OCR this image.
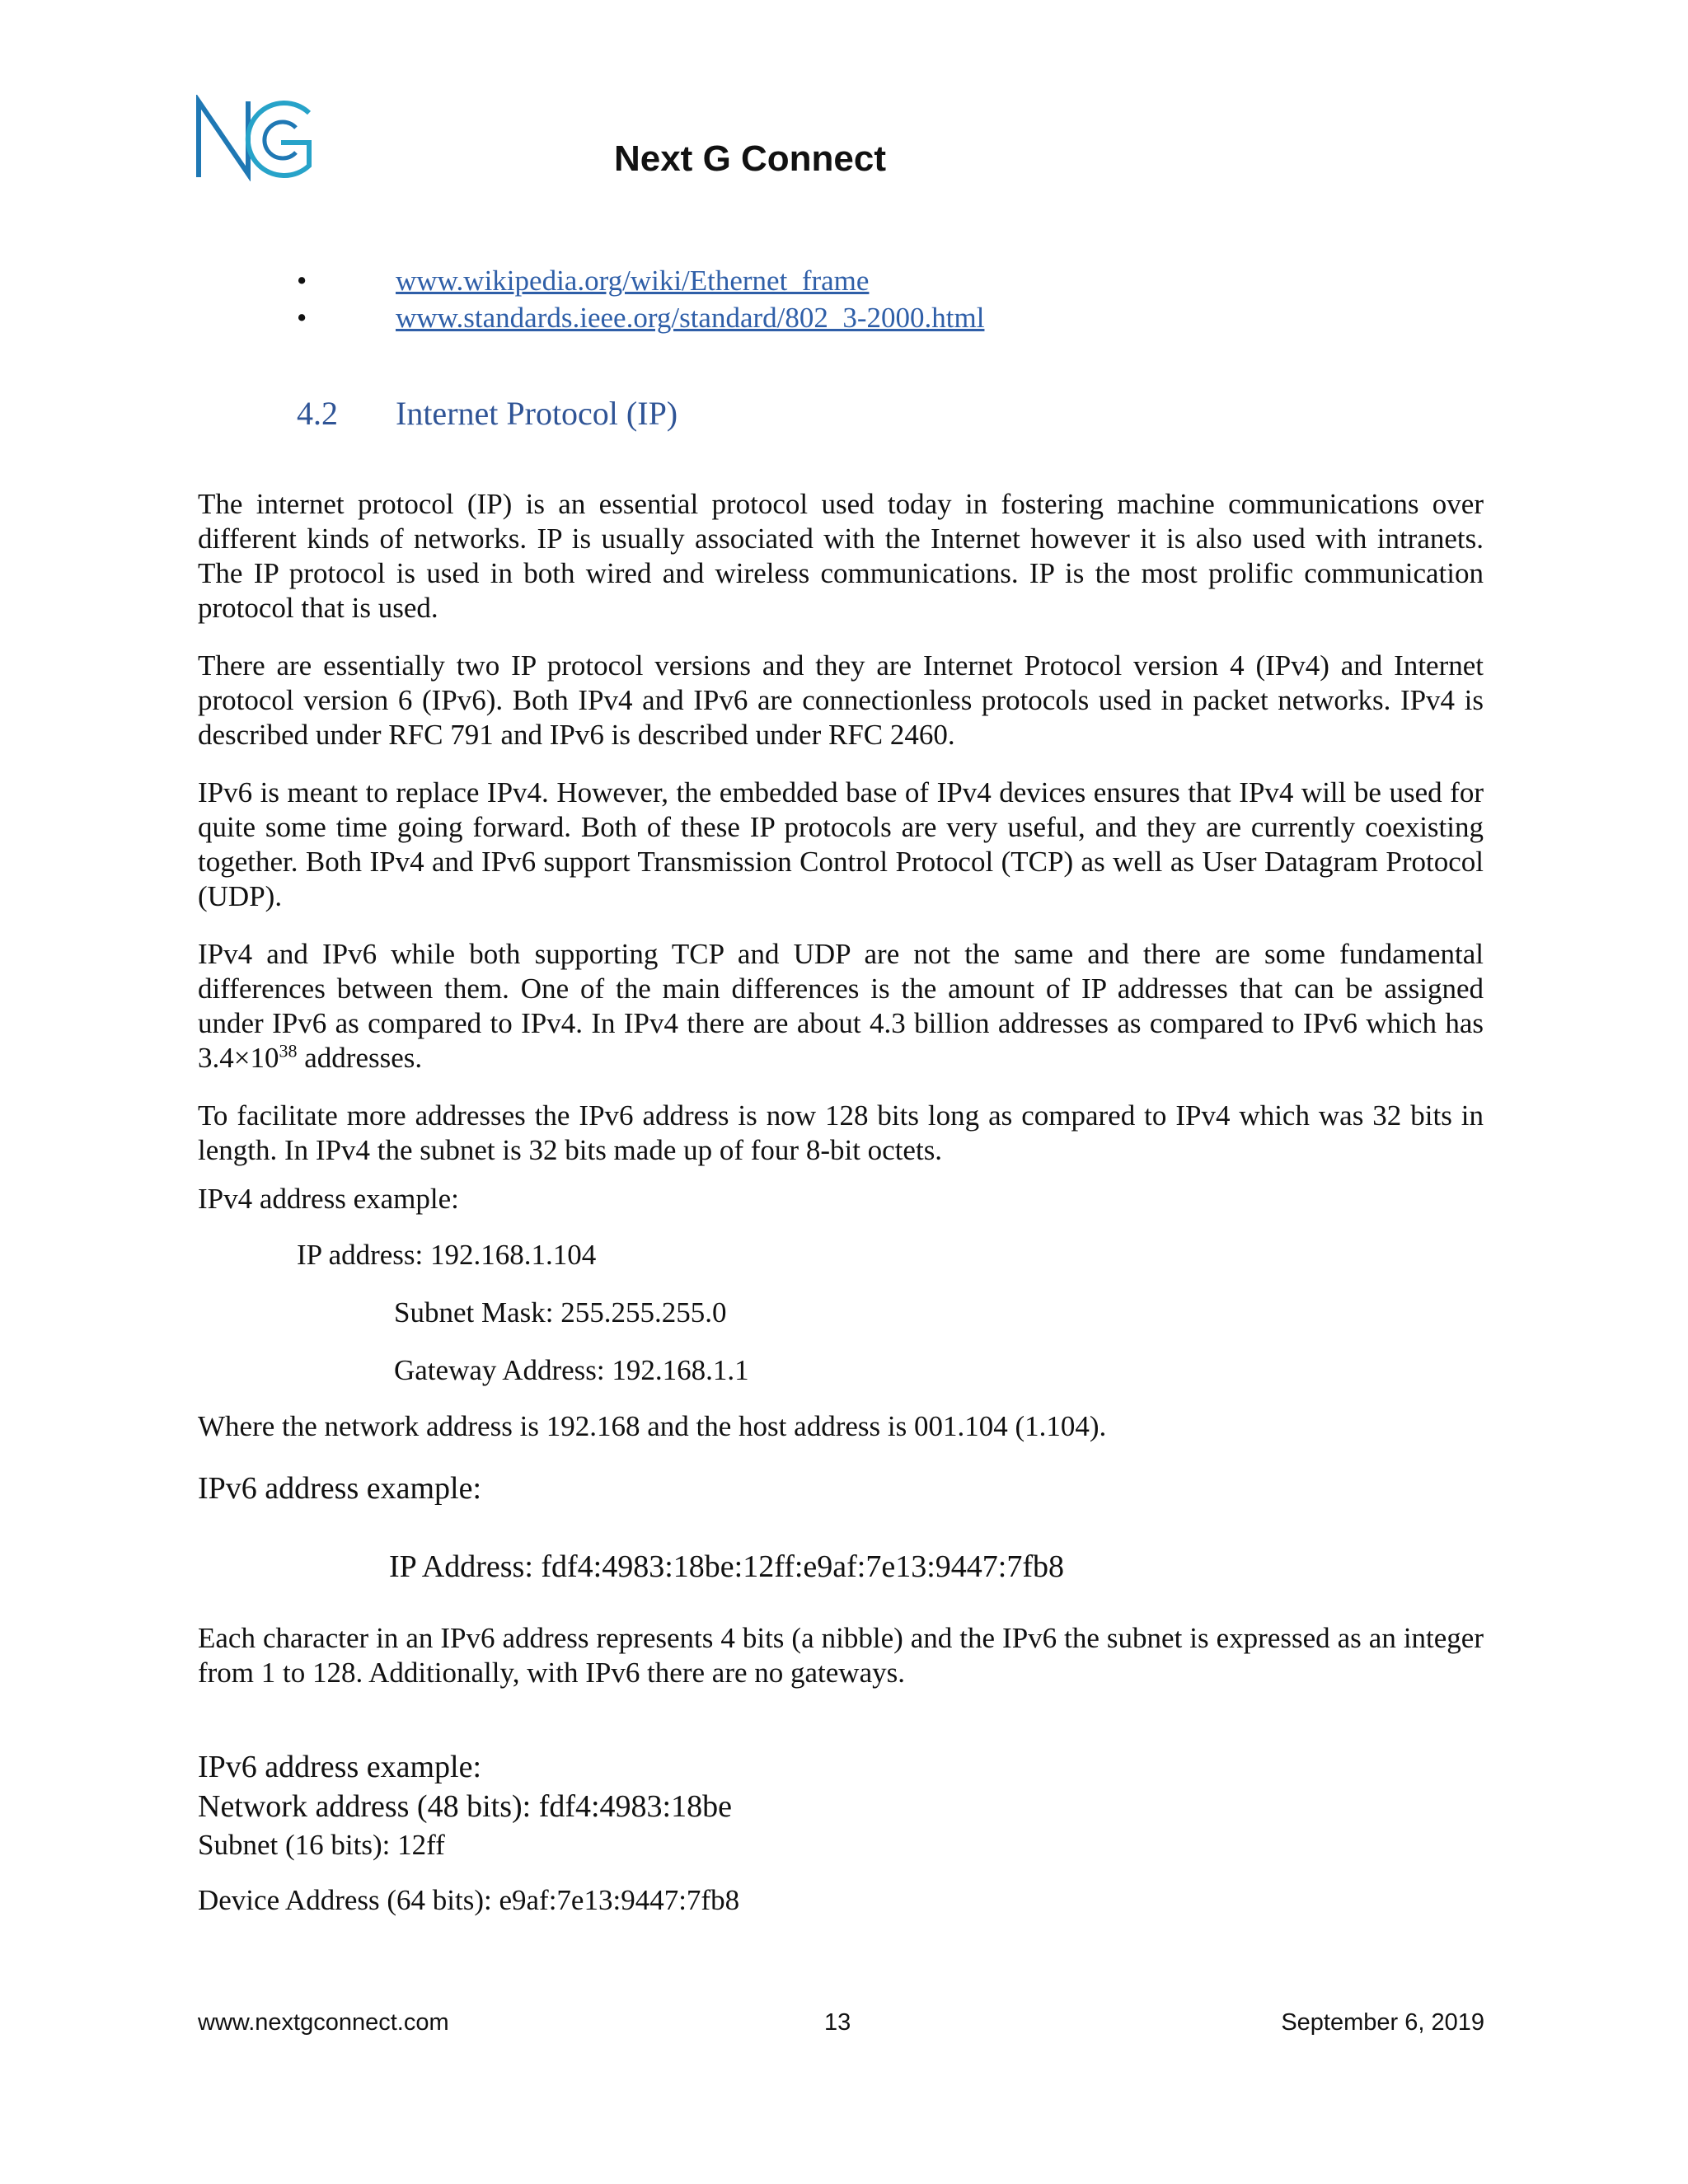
Next G Connect
•	www.wikipedia.org/wiki/Ethernet_frame
•	www.standards.ieee.org/standard/802_3-2000.html
4.2 Internet Protocol (IP)

The internet protocol (IP) is an essential protocol used today in fostering machine communications over different kinds of networks. IP is usually associated with the Internet however it is also used with intranets. The IP protocol is used in both wired and wireless communications. IP is the most prolific communication protocol that is used.

There are essentially two IP protocol versions and they are Internet Protocol version 4 (IPv4) and Internet protocol version 6 (IPv6). Both IPv4 and IPv6 are connectionless protocols used in packet networks. IPv4 is described under RFC 791 and IPv6 is described under RFC 2460.

IPv6 is meant to replace IPv4. However, the embedded base of IPv4 devices ensures that IPv4 will be used for quite some time going forward. Both of these IP protocols are very useful, and they are currently coexisting together. Both IPv4 and IPv6 support Transmission Control Protocol (TCP) as well as User Datagram Protocol (UDP).

IPv4 and IPv6 while both supporting TCP and UDP are not the same and there are some fundamental differences between them. One of the main differences is the amount of IP addresses that can be assigned under IPv6 as compared to IPv4. In IPv4 there are about 4.3 billion addresses as compared to IPv6 which has $3.4\times 10^{38}$ addresses.

To facilitate more addresses the IPv6 address is now 128 bits long as compared to IPv4 which was 32 bits in length. In IPv4 the subnet is 32 bits made up of four 8-bit octets.

IPv4 address example:
IP address: 192.168.1.104
Subnet Mask: 255.255.255.0
Gateway Address: 192.168.1.1
Where the network address is 192.168 and the host address is 001.104 (1.104).
IPv6 address example:
IP Address: fdf4:4983:18be:12ff:e9af:7e13:9447:7fb8

Each character in an IPv6 address represents 4 bits (a nibble) and the IPv6 the subnet is expressed as an integer from 1 to 128. Additionally, with IPv6 there are no gateways.

IPv6 address example:
Network address (48 bits): fdf4:4983:18be
Subnet (16 bits): 12ff
Device Address (64 bits): e9af:7e13:9447:7fb8
www.nextgconnect.com	13	September 6, 2019
